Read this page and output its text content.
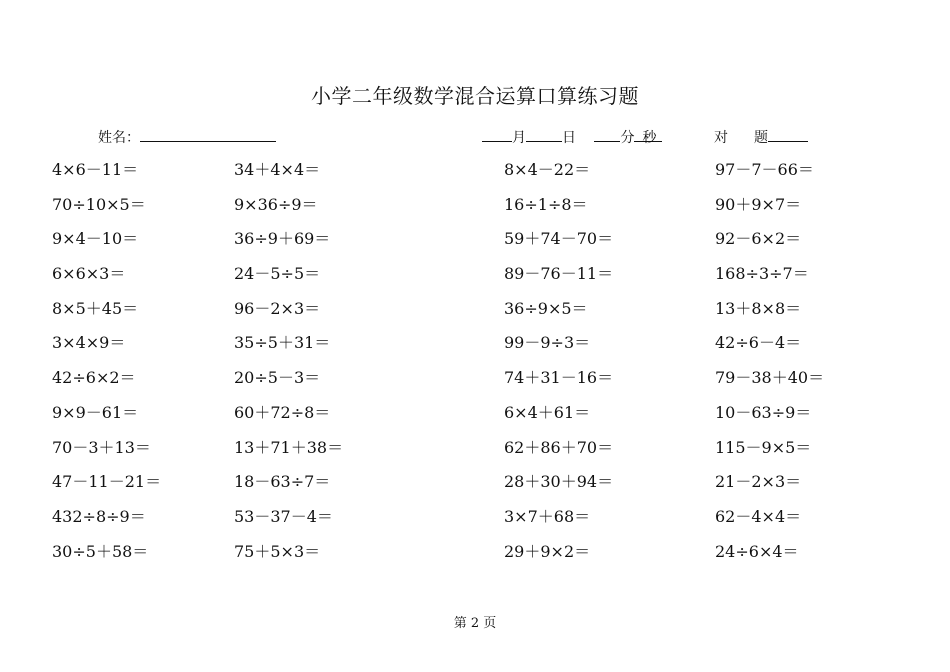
小学二年级数学混合运算口算练习题
姓名：	月	日	分 秒	对 题
4×6－11＝	34＋4×4＝	8×4－22＝	97－7－66＝
70÷10×5＝	9×36÷9＝	16÷1÷8＝	90＋9×7＝
9×4－10＝	36÷9＋69＝	59＋74－70＝	92－6×2＝
6×6×3＝	24－5÷5＝	89－76－11＝	168÷3÷7＝
8×5＋45＝	96－2×3＝	36÷9×5＝	13＋8×8＝
3×4×9＝	35÷5＋31＝	99－9÷3＝	42÷6－4＝
42÷6×2＝	20÷5－3＝	74＋31－16＝	79－38＋40＝
9×9－61＝	60＋72÷8＝	6×4＋61＝	10－63÷9＝
70－3＋13＝	13＋71＋38＝	62＋86＋70＝	115－9×5＝
47－11－21＝	18－63÷7＝	28＋30＋94＝	21－2×3＝
432÷8÷9＝	53－37－4＝	3×7＋68＝	62－4×4＝
30÷5＋58＝	75＋5×3＝	29＋9×2＝	24÷6×4＝
第 2 页
